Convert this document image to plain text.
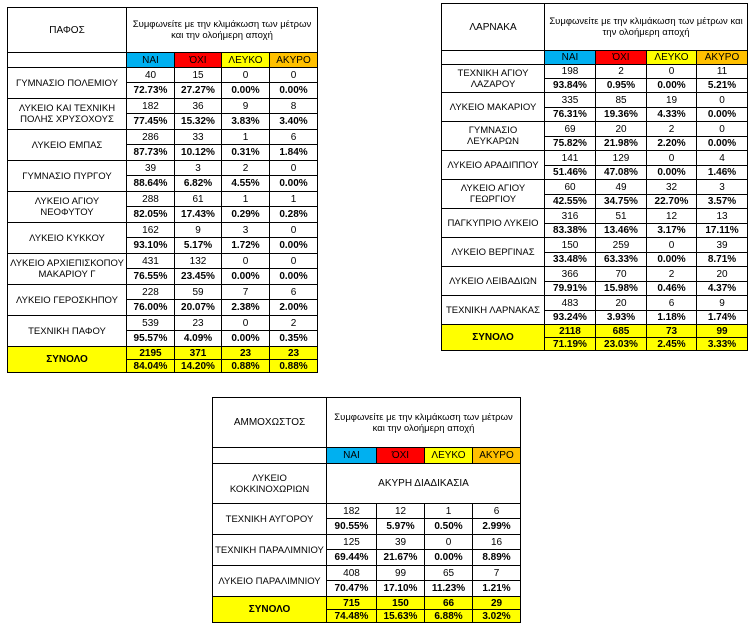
ΠΑΦΟΣ	Συμφωνείτε με την κλιμάκωση των μέτρων και την ολοήμερη αποχή			
	ΝΑΙ	ΌΧΙ	ΛΕΥΚΟ	ΑΚΥΡΟ
ΓΥΜΝΑΣΙΟ ΠΟΛΕΜΙΟΥ	40	15	0	0
	72.73%	27.27%	0.00%	0.00%
ΛΥΚΕΙΟ ΚΑΙ ΤΕΧΝΙΚΗ ΠΟΛΗΣ ΧΡΥΣΟΧΟΥΣ	182	36	9	8
	77.45%	15.32%	3.83%	3.40%
ΛΥΚΕΙΟ ΕΜΠΑΣ	286	33	1	6
	87.73%	10.12%	0.31%	1.84%
ΓΥΜΝΑΣΙΟ ΠΥΡΓΟΥ	39	3	2	0
	88.64%	6.82%	4.55%	0.00%
ΛΥΚΕΙΟ ΑΓΙΟΥ ΝΕΟΦΥΤΟΥ	288	61	1	1
	82.05%	17.43%	0.29%	0.28%
ΛΥΚΕΙΟ ΚΥΚΚΟΥ	162	9	3	0
	93.10%	5.17%	1.72%	0.00%
ΛΥΚΕΙΟ ΑΡΧΙΕΠΙΣΚΟΠΟΥ ΜΑΚΑΡΙΟΥ Γ	431	132	0	0
	76.55%	23.45%	0.00%	0.00%
ΛΥΚΕΙΟ ΓΕΡΟΣΚΗΠΟΥ	228	59	7	6
	76.00%	20.07%	2.38%	2.00%
ΤΕΧΝΙΚΗ ΠΑΦΟΥ	539	23	0	2
	95.57%	4.09%	0.00%	0.35%
ΣΥΝΟΛΟ	2195	371	23	23
	84.04%	14.20%	0.88%	0.88%
ΛΑΡΝΑΚΑ	Συμφωνείτε με την κλιμάκωση των μέτρων και την ολοήμερη αποχή			
	ΝΑΙ	ΌΧΙ	ΛΕΥΚΟ	ΑΚΥΡΟ
ΤΕΧΝΙΚΗ ΑΓΙΟΥ ΛΑΖΑΡΟΥ	198	2	0	11
	93.84%	0.95%	0.00%	5.21%
ΛΥΚΕΙΟ ΜΑΚΑΡΙΟΥ	335	85	19	0
	76.31%	19.36%	4.33%	0.00%
ΓΥΜΝΑΣΙΟ ΛΕΥΚΑΡΩΝ	69	20	2	0
	75.82%	21.98%	2.20%	0.00%
ΛΥΚΕΙΟ ΑΡΑΔΙΠΠΟΥ	141	129	0	4
	51.46%	47.08%	0.00%	1.46%
ΛΥΚΕΙΟ ΑΓΙΟΥ ΓΕΩΡΓΙΟΥ	60	49	32	3
	42.55%	34.75%	22.70%	3.57%
ΠΑΓΚΥΠΡΙΟ ΛΥΚΕΙΟ	316	51	12	13
	83.38%	13.46%	3.17%	17.11%
ΛΥΚΕΙΟ ΒΕΡΓΙΝΑΣ	150	259	0	39
	33.48%	63.33%	0.00%	8.71%
ΛΥΚΕΙΟ ΛΕΙΒΑΔΙΩΝ	366	70	2	20
	79.91%	15.98%	0.46%	4.37%
ΤΕΧΝΙΚΗ ΛΑΡΝΑΚΑΣ	483	20	6	9
	93.24%	3.93%	1.18%	1.74%
ΣΥΝΟΛΟ	2118	685	73	99
	71.19%	23.03%	2.45%	3.33%
ΑΜΜΟΧΩΣΤΟΣ	Συμφωνείτε με την κλιμάκωση των μέτρων και την ολοήμερη αποχή			
	ΝΑΙ	ΌΧΙ	ΛΕΥΚΟ	ΑΚΥΡΟ
ΛΥΚΕΙΟ ΚΟΚΚΙΝΟΧΩΡΙΩΝ	ΑΚΥΡΗ ΔΙΑΔΙΚΑΣΙΑ			
ΤΕΧΝΙΚΗ ΑΥΓΟΡΟΥ	182	12	1	6
	90.55%	5.97%	0.50%	2.99%
ΤΕΧΝΙΚΗ ΠΑΡΑΛΙΜΝΙΟΥ	125	39	0	16
	69.44%	21.67%	0.00%	8.89%
ΛΥΚΕΙΟ ΠΑΡΑΛΙΜΝΙΟΥ	408	99	65	7
	70.47%	17.10%	11.23%	1.21%
ΣΥΝΟΛΟ	715	150	66	29
	74.48%	15.63%	6.88%	3.02%
